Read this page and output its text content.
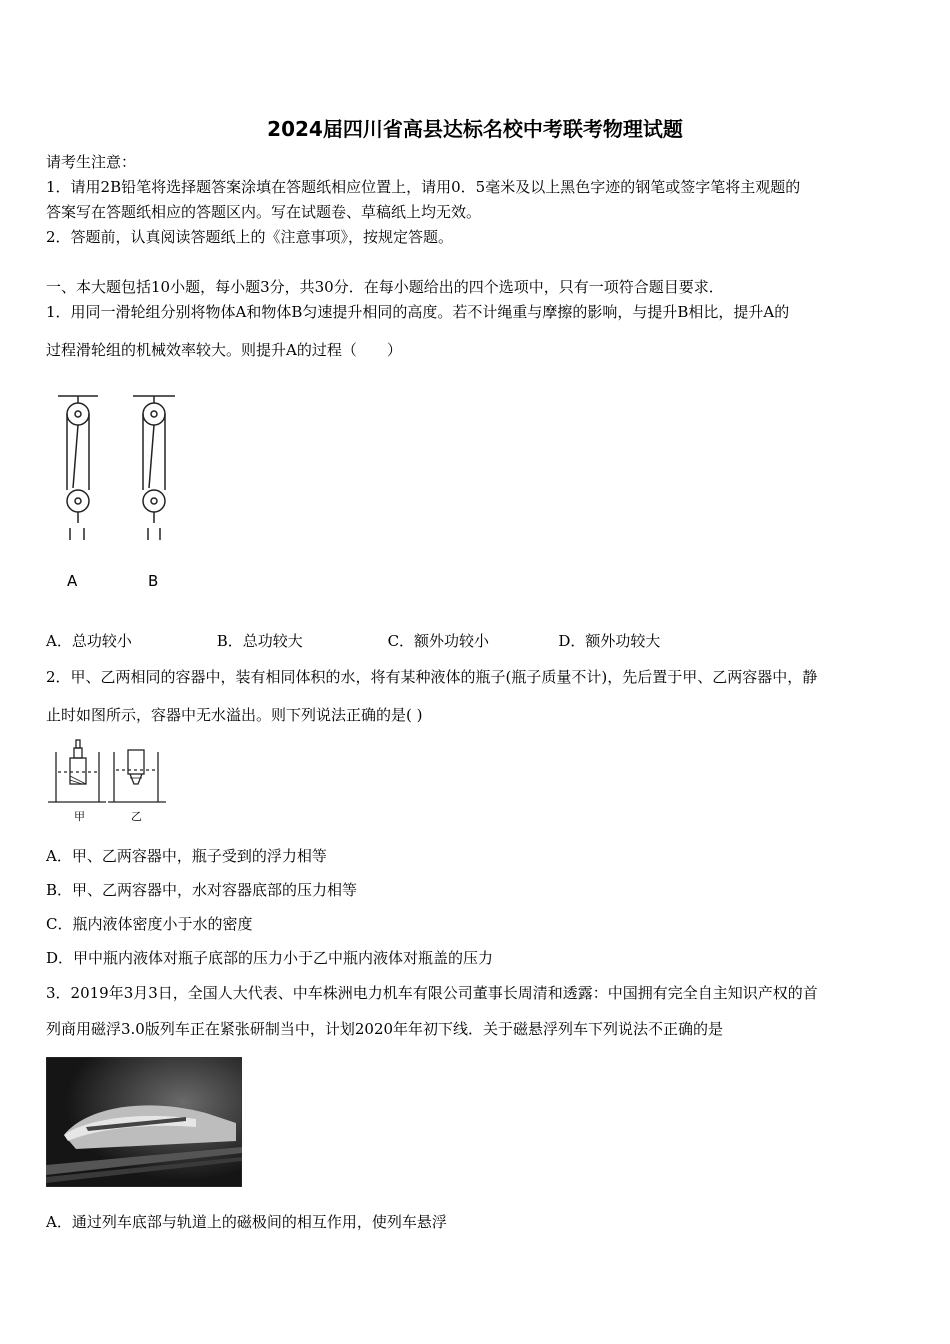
2024届四川省高县达标名校中考联考物理试题
请考生注意：
1．请用2B铅笔将选择题答案涂填在答题纸相应位置上，请用0．5毫米及以上黑色字迹的钢笔或签字笔将主观题的
答案写在答题纸相应的答题区内。写在试题卷、草稿纸上均无效。
2．答题前，认真阅读答题纸上的《注意事项》，按规定答题。
一、本大题包括10小题，每小题3分，共30分．在每小题给出的四个选项中，只有一项符合题目要求．
1．用同一滑轮组分别将物体A和物体B匀速提升相同的高度。若不计绳重与摩擦的影响，与提升B相比，提升A的
过程滑轮组的机械效率较大。则提升A的过程（　　）
A	B
A．总功较小	B．总功较大	C．额外功较小	D．额外功较大
2．甲、乙两相同的容器中，装有相同体积的水，将有某种液体的瓶子(瓶子质量不计)，先后置于甲、乙两容器中，静
止时如图所示，容器中无水溢出。则下列说法正确的是( )
甲	乙
A．甲、乙两容器中，瓶子受到的浮力相等
B．甲、乙两容器中，水对容器底部的压力相等
C．瓶内液体密度小于水的密度
D．甲中瓶内液体对瓶子底部的压力小于乙中瓶内液体对瓶盖的压力
3．2019年3月3日，全国人大代表、中车株洲电力机车有限公司董事长周清和透露：中国拥有完全自主知识产权的首
列商用磁浮3.0版列车正在紧张研制当中，计划2020年年初下线．关于磁悬浮列车下列说法不正确的是
A．通过列车底部与轨道上的磁极间的相互作用，使列车悬浮
